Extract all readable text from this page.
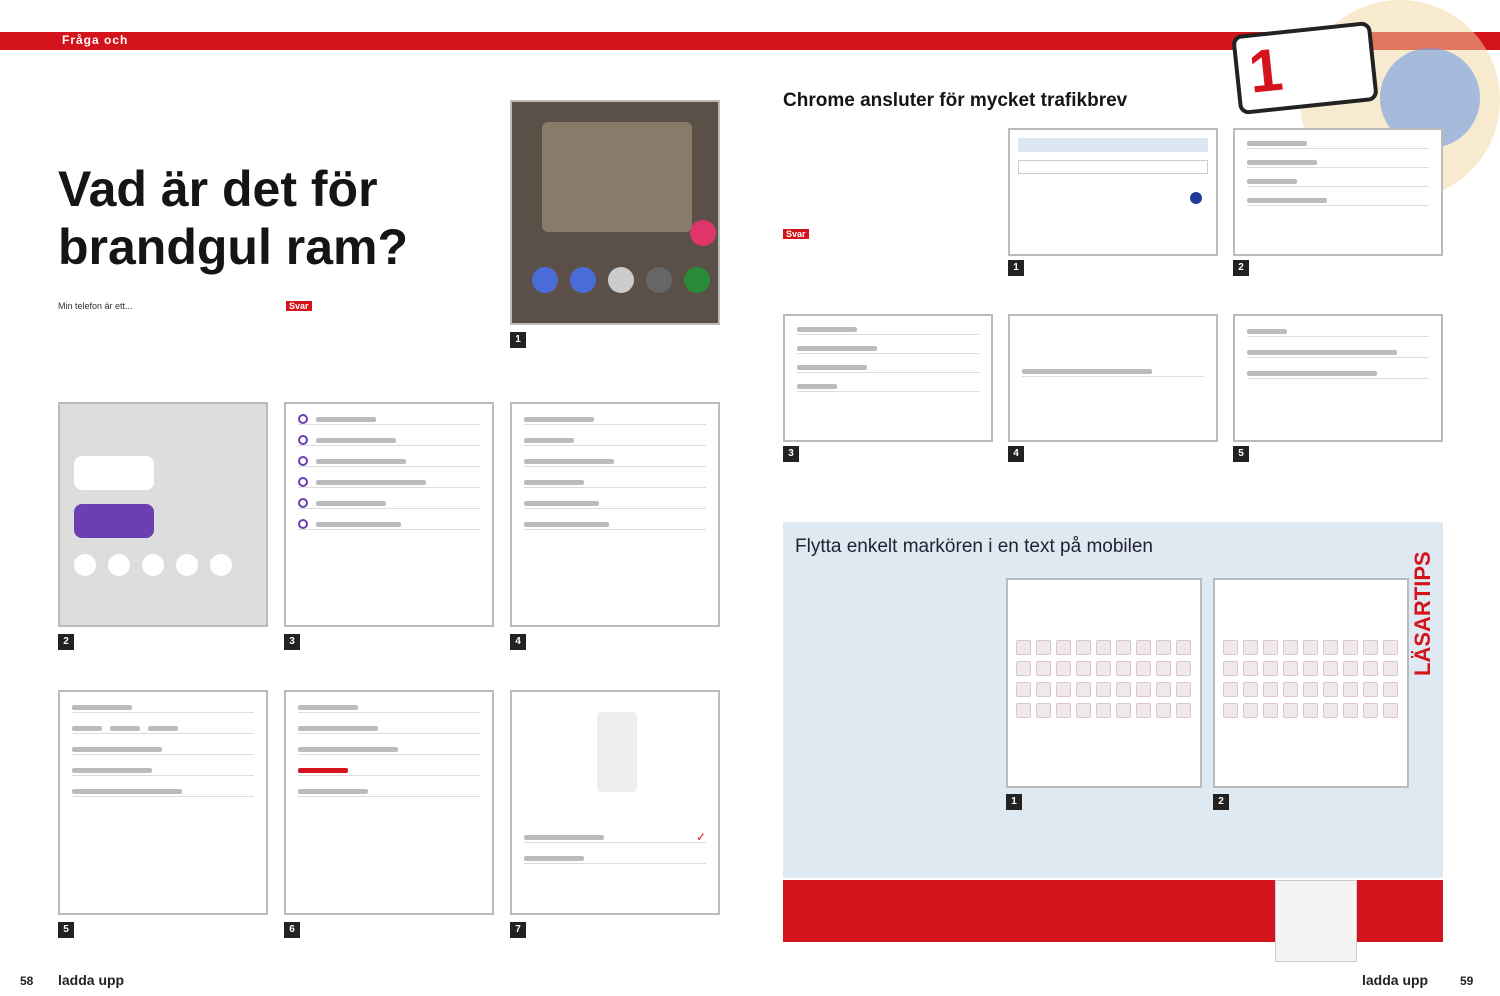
Fråga och
Vad är det för brandgul ram?
Min telefon är ett...	Svar
1
2	3	4
5	6
✓
7
58 ladda upp
1
Chrome ansluter för mycket trafikbrev
Svar
1	2
3	4	5
Flytta enkelt markören i en text på mobilen
1	2
LÄSARTIPS
ladda upp	59
